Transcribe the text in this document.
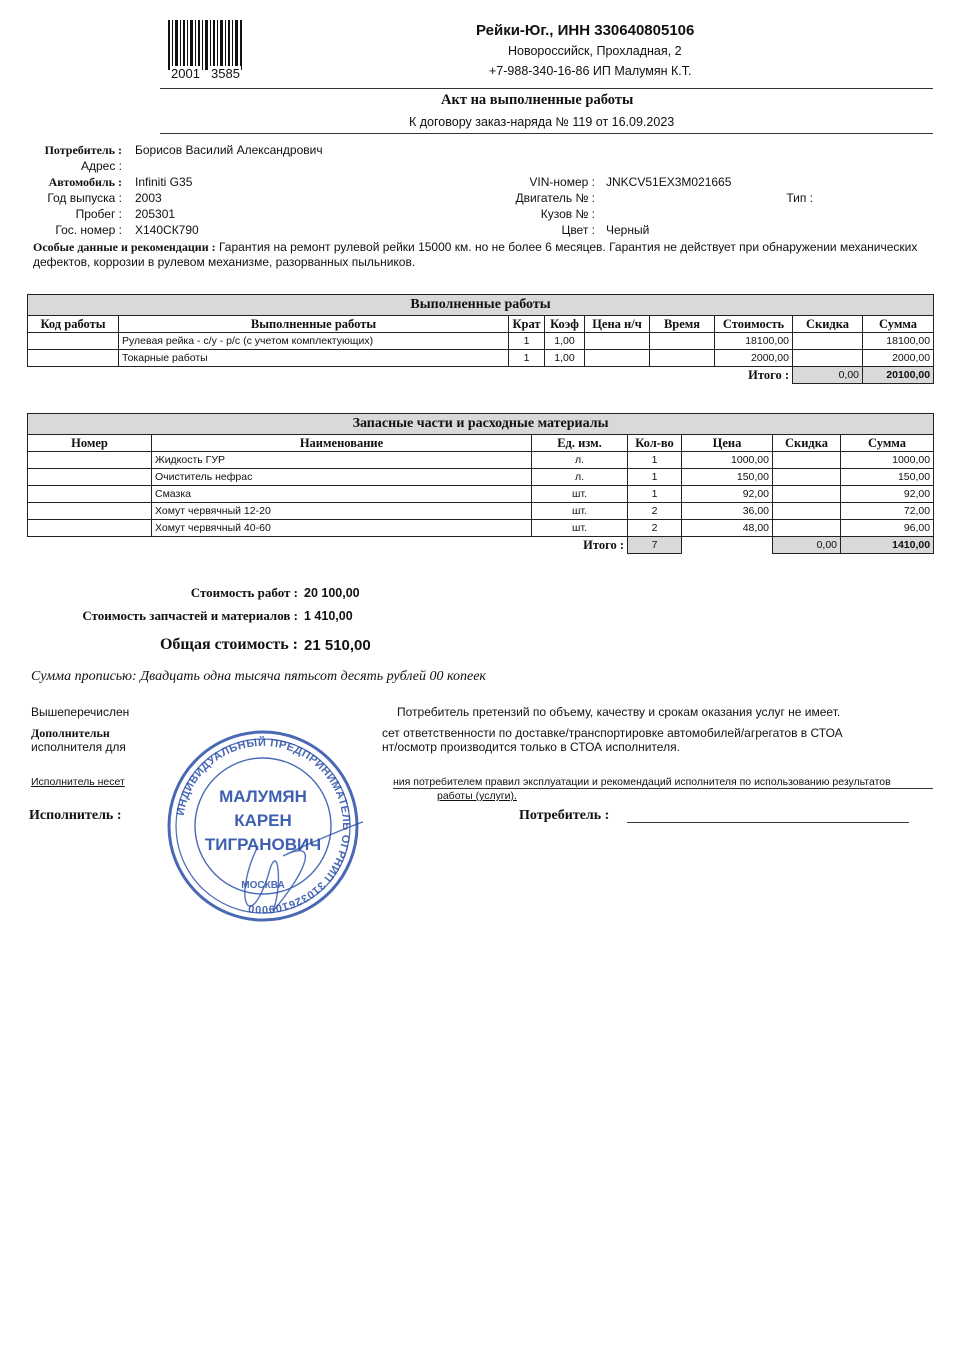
2001 3585
Рейки-Юг., ИНН 330640805106
Новороссийск, Прохладная, 2
+7-988-340-16-86 ИП Малумян К.Т.
Акт на выполненные работы
К договору заказ-наряда № 119 от 16.09.2023
Потребитель : Борисов Василий Александрович
Адрес :
Автомобиль : Infiniti G35
Год выпуска : 2003
Пробег : 205301
Гос. номер : Х140СК790
VIN-номер : JNKCV51EX3M021665
Двигатель № :	Тип :
Кузов № :
Цвет : Черный
Особые данные и рекомендации : Гарантия на ремонт рулевой рейки 15000 км. но не более 6 месяцев. Гарантия не действует при обнаружении механических дефектов, коррозии в рулевом механизме, разорванных пыльников.
Выполненные работы								
Код работы	Выполненные работы	Крат	Коэф	Цена н/ч	Время	Стоимость	Скидка	Сумма
	Рулевая рейка - с/у - р/с (с учетом комплектующих)	1	1,00			18100,00		18100,00
	Токарные работы	1	1,00			2000,00		2000,00
						Итого :	0,00	20100,00
Запасные части и расходные материалы						
Номер	Наименование	Ед. изм.	Кол-во	Цена	Скидка	Сумма
	Жидкость ГУР	л.	1	1000,00		1000,00
	Очиститель нефрас	л.	1	150,00		150,00
	Смазка	шт.	1	92,00		92,00
	Хомут червячный 12-20	шт.	2	36,00		72,00
	Хомут червячный 40-60	шт.	2	48,00		96,00
		Итого :	7		0,00	1410,00
Стоимость работ : 20 100,00
Стоимость запчастей и материалов : 1 410,00
Общая стоимость : 21 510,00
Сумма прописью: Двадцать одна тысяча пятьсот десять рублей 00 копеек
Вышеперечислен	Потребитель претензий по объему, качеству и срокам оказания услуг не имеет.
Дополнительн	сет ответственности по доставке/транспортировке автомобилей/агрегатов в СТОА
исполнителя для	нт/осмотр производится только в СТОА исполнителя.
Исполнитель несет	ния потребителем правил эксплуатации и рекомендаций исполнителя по использованию результатов
работы (услуги).
Исполнитель :	Потребитель :
ИНДИВИДУАЛЬНЫЙ ПРЕДПРИНИМАТЕЛЬ ОГРНИП 310326109000
МАЛУМЯН
КАРЕН
ТИГРАНОВИЧ
МОСКВА
